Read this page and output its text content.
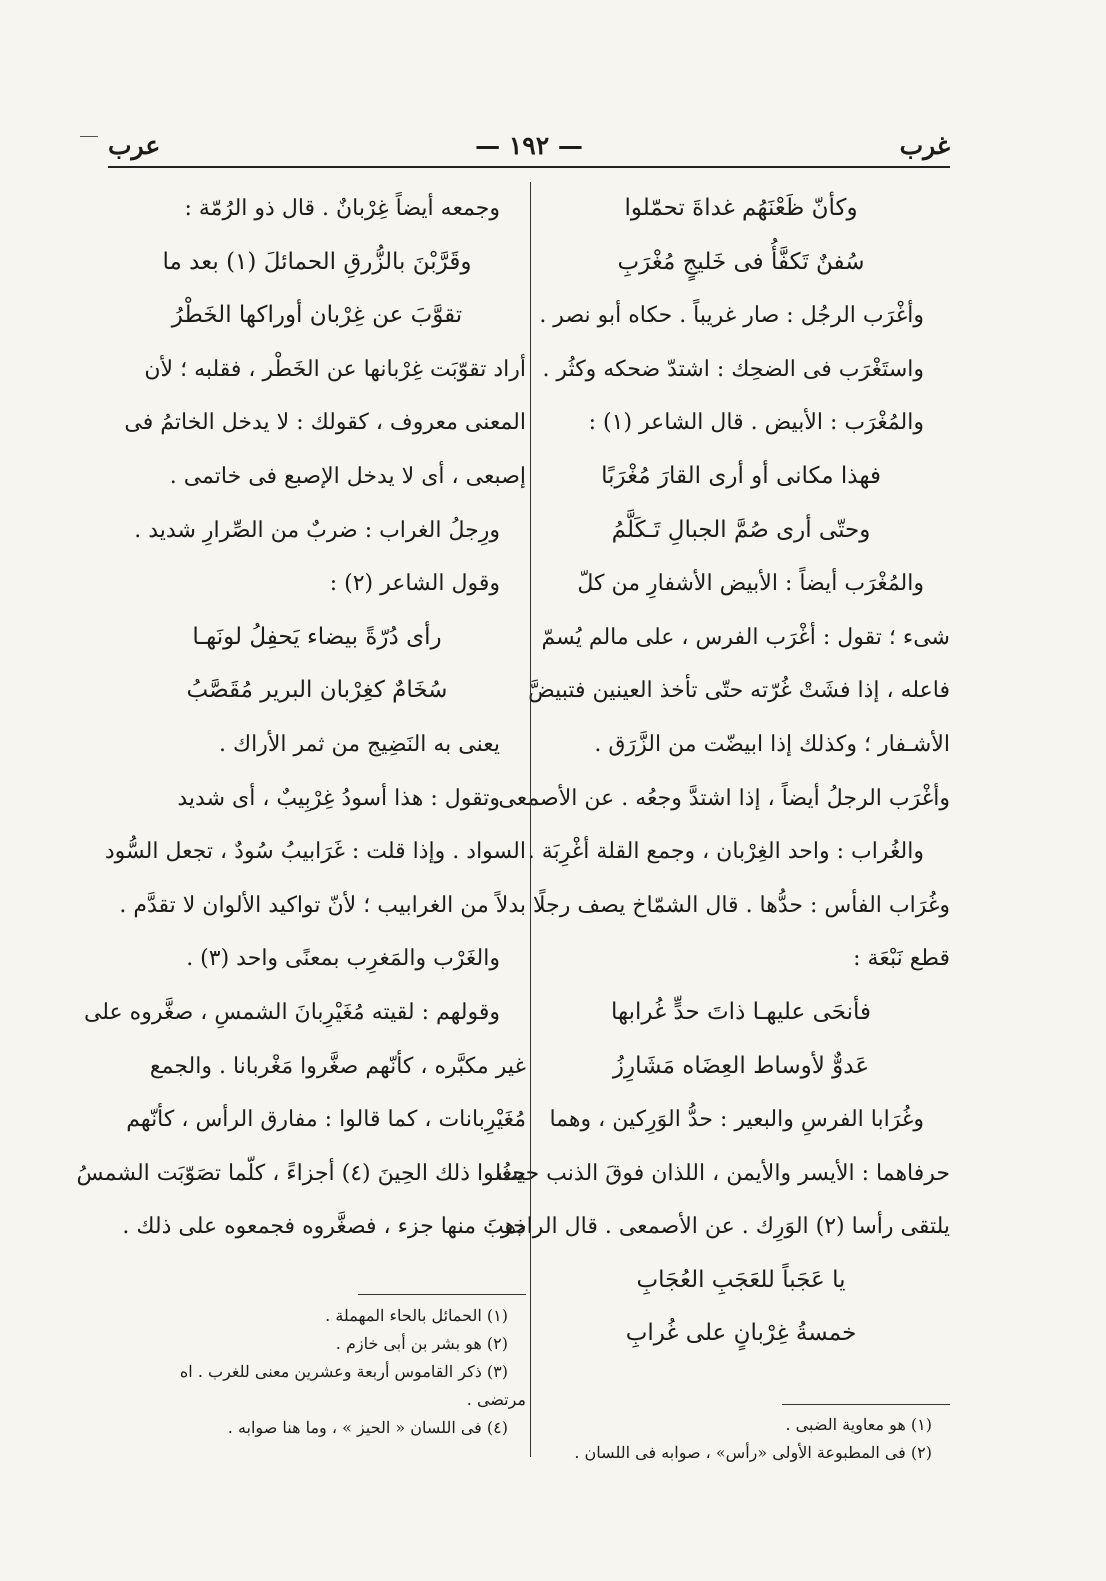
غرب
— ١٩٢ —
عرب
وكأنّ ظَعْنَهُم غداةَ تحمّلوا
سُفنٌ تَكفَّأُ فى خَليجٍ مُغْرَبِ
وأغْرَب الرجُل : صار غريباً . حكاه أبو نصر .
واستَغْرَب فى الضحِك : اشتدّ ضحكه وكثُر .
والمُغْرَب : الأبيض . قال الشاعر (١) :
فهذا مكانى أو أرى القارَ مُغْرَبًا
وحتّى أرى صُمَّ الجبالِ تَـكَلَّمُ
والمُغْرَب أيضاً : الأبيض الأشفارِ من كلّ
شىء ؛ تقول : أغْرَب الفرس ، على مالم يُسمّ
فاعله ، إذا فشَتْ غُرّته حتّى تأخذ العينين فتبيضَّ
الأشـفار ؛ وكذلك إذا ابيضّت من الزَّرَق .
وأغْرَب الرجلُ أيضاً ، إذا اشتدَّ وجعُه . عن الأصمعى
والغُراب : واحد الغِرْبان ، وجمع القلة أغْرِبَة .
وغُرَاب الفأس : حدُّها . قال الشمّاخ يصف رجلًا
قطع نَبْعَة :
فأنحَى عليهـا ذاتَ حدٍّ غُرابها
عَدوٌّ لأوساط العِضَاه مَشَارِزُ
وغُرَابا الفرسِ والبعير : حدُّ الوَرِكين ، وهما
حرفاهما : الأيسر والأيمن ، اللذان فوقَ الذنب حيثُ
يلتقى رأسا (٢) الوَرِك . عن الأصمعى . قال الراجز :
يا عَجَباً للعَجَبِ العُجَابِ
خمسةُ غِرْبانٍ على غُرابِ
وجمعه أيضاً غِرْبانٌ . قال ذو الرُمّة :
وقَرَّبْنَ بالزُّرقِ الحمائلَ (١) بعد ما
تقوَّبَ عن غِرْبان أوراكها الخَطْرُ
أراد تقوّبَت غِرْبانها عن الخَطْر ، فقلبه ؛ لأن
المعنى معروف ، كقولك : لا يدخل الخاتمُ فى
إصبعى ، أى لا يدخل الإصبع فى خاتمى .
ورِجلُ الغراب : ضربٌ من الصِّرارِ شديد .
وقول الشاعر (٢) :
رأى دُرّةً بيضاء يَحفِلُ لونَهـا
سُخَامٌ كغِرْبان البرير مُقَصَّبُ
يعنى به النَضِيج من ثمر الأراك .
وتقول : هذا أسودُ غِرْبِيبٌ ، أى شديد
السواد . وإذا قلت : غَرَابيبُ سُودٌ ، تجعل السُّود
بدلاً من الغرابيب ؛ لأنّ تواكيد الألوان لا تقدَّم .
والغَرْب والمَغرِب بمعنًى واحد (٣) .
وقولهم : لقيته مُغَيْرِبانَ الشمسِ ، صغَّروه على
غير مكبَّره ، كأنّهم صغَّروا مَغْربانا . والجمع
مُغَيْرِبانات ، كما قالوا : مفارق الرأس ، كأنّهم
جعلوا ذلك الحِينَ (٤) أجزاءً ، كلّما تصَوّبَت الشمسُ
ذهبَ منها جزء ، فصغَّروه فجمعوه على ذلك .
(١) الحمائل بالحاء المهملة .
(٢) هو بشر بن أبى خازم .
(٣) ذكر القاموس أربعة وعشرين معنى للغرب . اه
مرتضى .
(٤) فى اللسان « الحيز » ، وما هنا صوابه .	(١) هو معاوية الضبى .
(٢) فى المطبوعة الأولى «رأس» ، صوابه فى اللسان .
